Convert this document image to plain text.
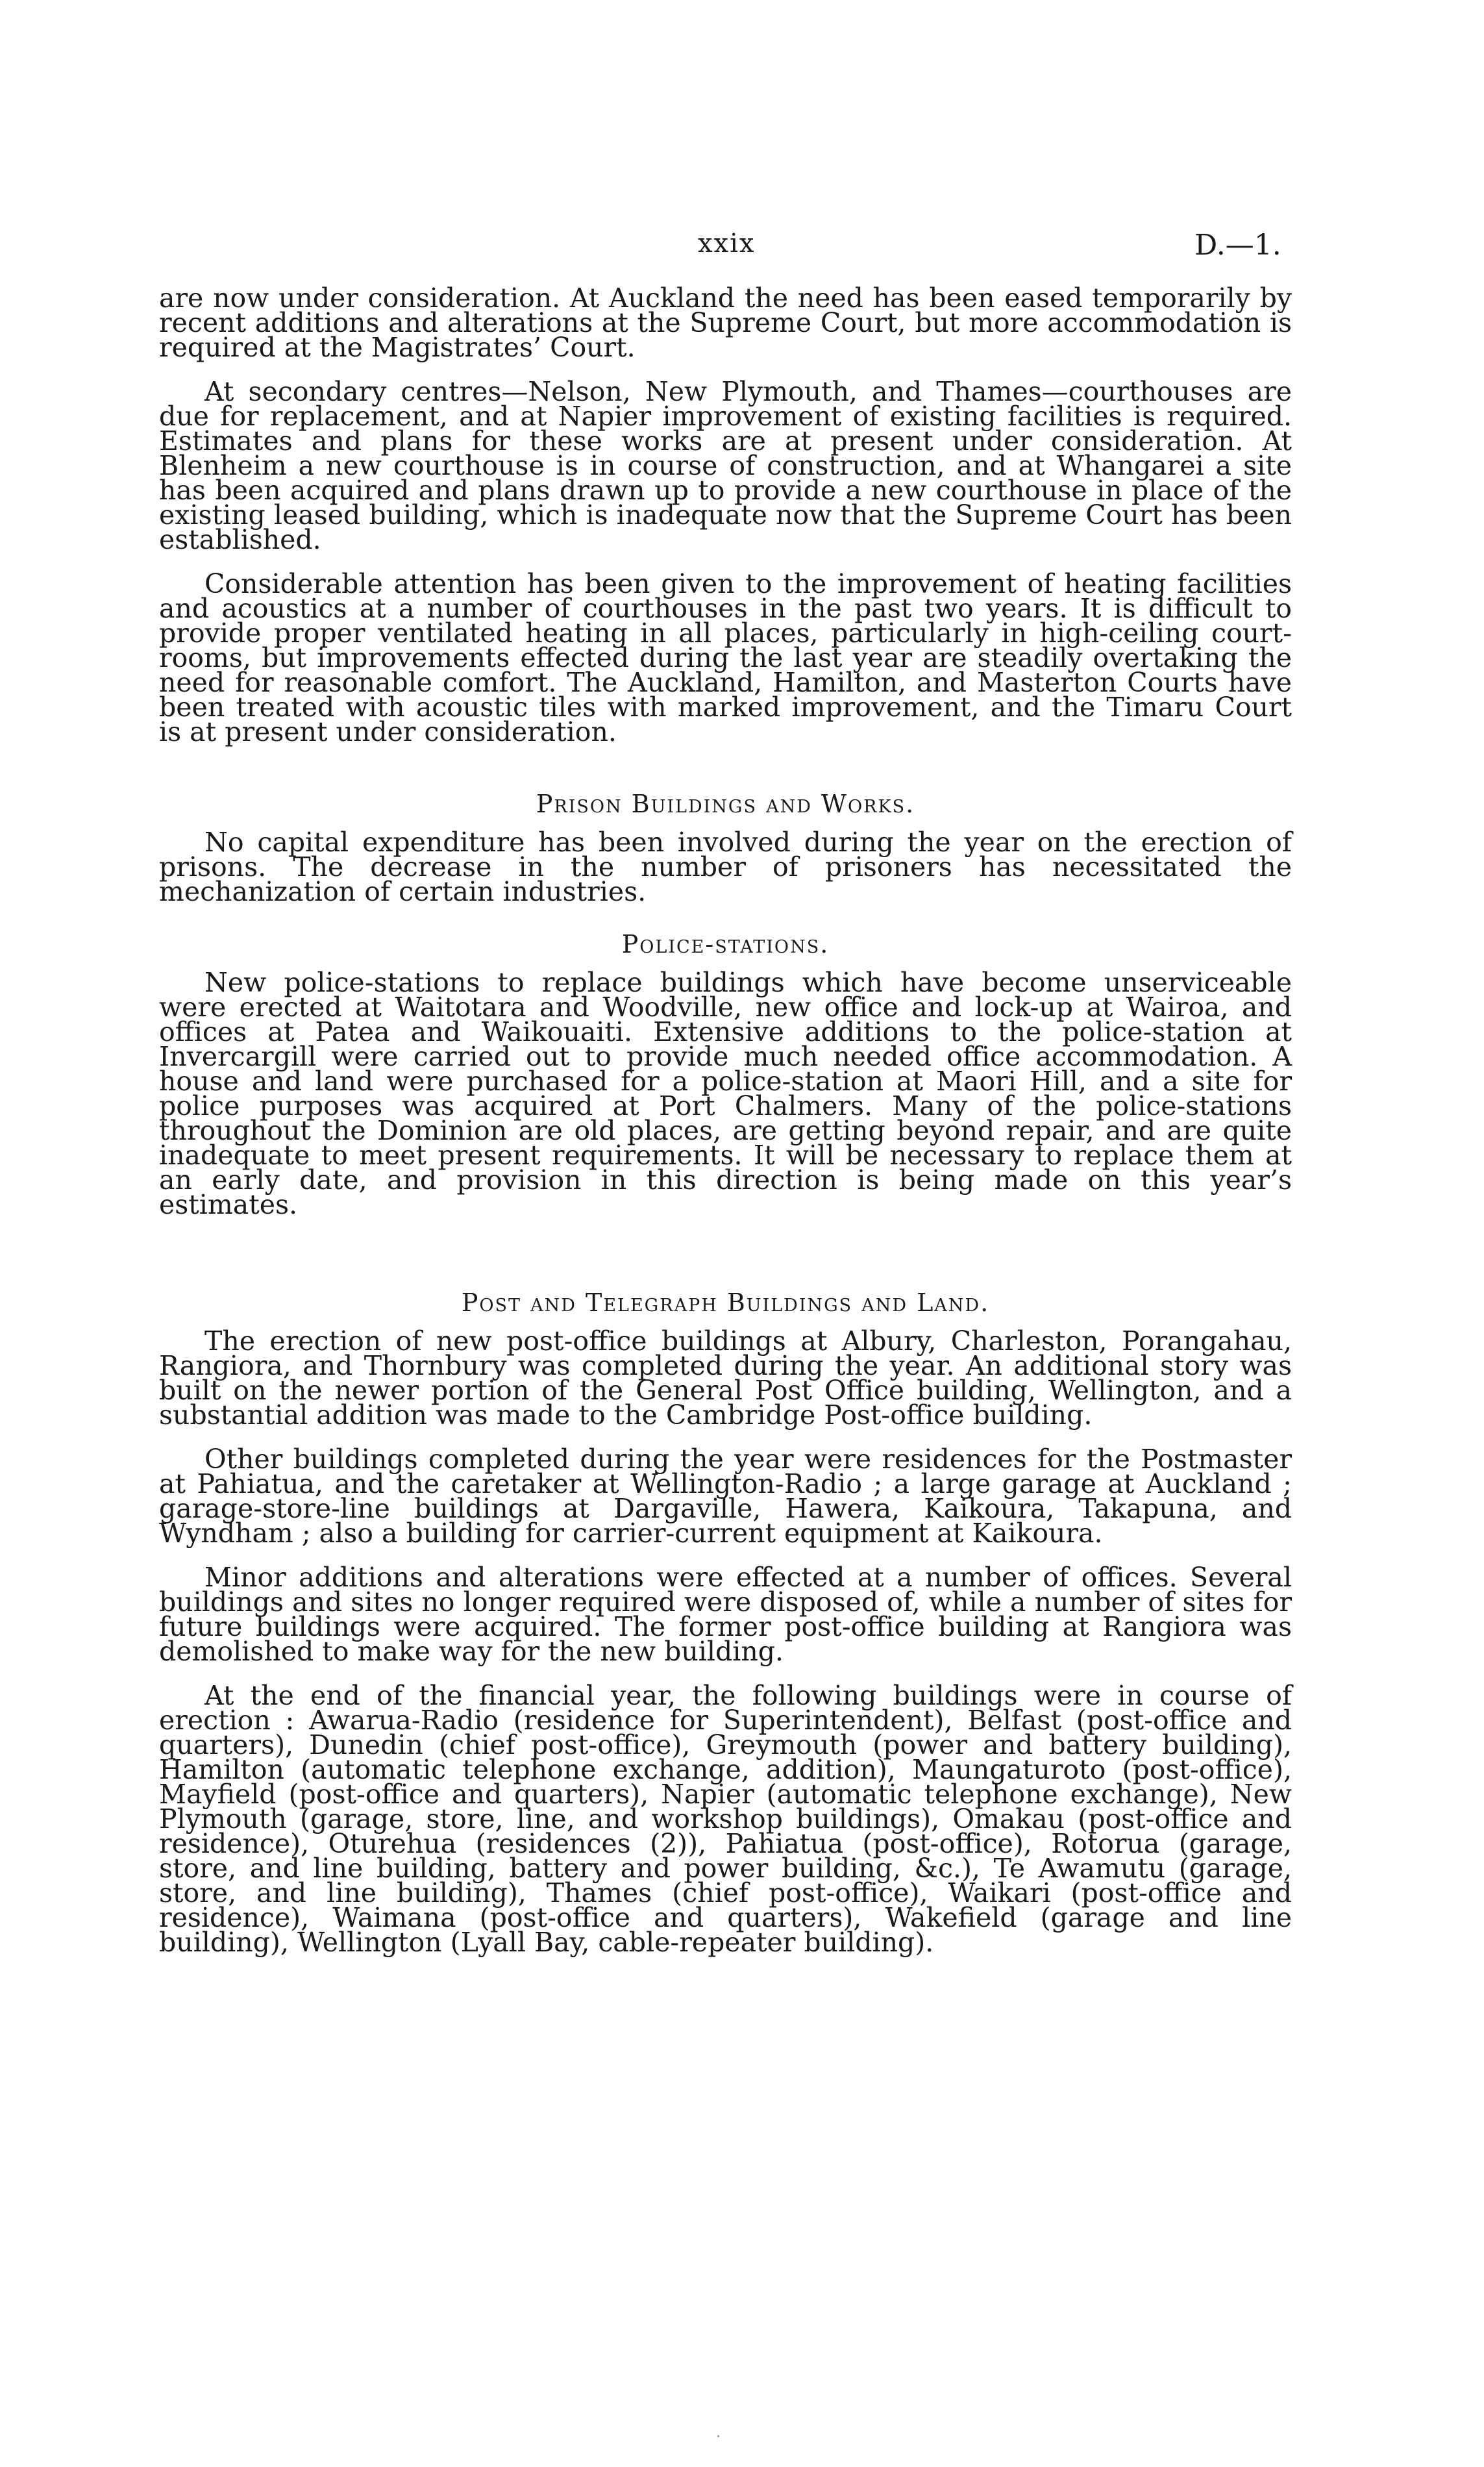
xxix	D.—1.

are now under consideration. At Auckland the need has been eased temporarily by recent additions and alterations at the Supreme Court, but more accommodation is required at the Magistrates’ Court.

At secondary centres—Nelson, New Plymouth, and Thames—courthouses are due for replacement, and at Napier improvement of existing facilities is required. Estimates and plans for these works are at present under consideration. At Blenheim a new courthouse is in course of construction, and at Whangarei a site has been acquired and plans drawn up to provide a new courthouse in place of the existing leased building, which is inadequate now that the Supreme Court has been established.

Considerable attention has been given to the improvement of heating facilities and acoustics at a number of courthouses in the past two years. It is difficult to provide proper ventilated heating in all places, particularly in high-ceiling court-rooms, but improvements effected during the last year are steadily overtaking the need for reasonable comfort. The Auckland, Hamilton, and Masterton Courts have been treated with acoustic tiles with marked improvement, and the Timaru Court is at present under consideration.

Prison Buildings and Works.

No capital expenditure has been involved during the year on the erection of prisons. The decrease in the number of prisoners has necessitated the mechanization of certain industries.

Police-stations.

New police-stations to replace buildings which have become unserviceable were erected at Waitotara and Woodville, new office and lock-up at Wairoa, and offices at Patea and Waikouaiti. Extensive additions to the police-station at Invercargill were carried out to provide much needed office accommodation. A house and land were purchased for a police-station at Maori Hill, and a site for police purposes was acquired at Port Chalmers. Many of the police-stations throughout the Dominion are old places, are getting beyond repair, and are quite inadequate to meet present requirements. It will be necessary to replace them at an early date, and provision in this direction is being made on this year’s estimates.

Post and Telegraph Buildings and Land.

The erection of new post-office buildings at Albury, Charleston, Porangahau, Rangiora, and Thornbury was completed during the year. An additional story was built on the newer portion of the General Post Office building, Wellington, and a substantial addition was made to the Cambridge Post-office building.

Other buildings completed during the year were residences for the Postmaster at Pahiatua, and the caretaker at Wellington-Radio ; a large garage at Auckland ; garage-store-line buildings at Dargaville, Hawera, Kaikoura, Takapuna, and Wyndham ; also a building for carrier-current equipment at Kaikoura.

Minor additions and alterations were effected at a number of offices. Several buildings and sites no longer required were disposed of, while a number of sites for future buildings were acquired. The former post-office building at Rangiora was demolished to make way for the new building.

At the end of the financial year, the following buildings were in course of erection : Awarua-Radio (residence for Superintendent), Belfast (post-office and quarters), Dunedin (chief post-office), Greymouth (power and battery building), Hamilton (automatic telephone exchange, addition), Maungaturoto (post-office), Mayfield (post-office and quarters), Napier (automatic telephone exchange), New Plymouth (garage, store, line, and workshop buildings), Omakau (post-office and residence), Oturehua (residences (2)), Pahiatua (post-office), Rotorua (garage, store, and line building, battery and power building, &c.), Te Awamutu (garage, store, and line building), Thames (chief post-office), Waikari (post-office and residence), Waimana (post-office and quarters), Wakefield (garage and line building), Wellington (Lyall Bay, cable-repeater building).
